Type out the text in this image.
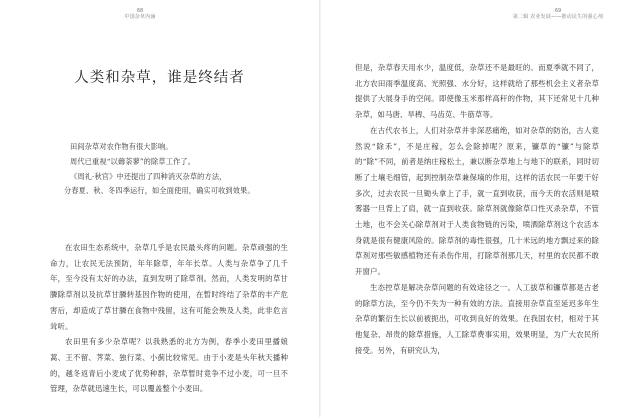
68
中国杂草内涵
人类和杂草，谁是终结者
田间杂草对农作物有很大影响。
周代已重视“以薅荼蓼”的除草工作了。
《周礼·秋官》中还提出了四种消灭杂草的方法，
分春夏、秋、冬四季运行，如全面使用，确实可收到效果。

在农田生态系统中，杂草几乎是农民最头疼的问题。杂草顽强的生命力，让农民无法预防，年年除草，年年长草。人类与杂草争了几千年，至今没有太好的办法，直到发明了除草剂。然而，人类发明的草甘膦除草剂以及抗草甘膦转基因作物的使用，在暂时终结了杂草的丰产危害后，却造成了草甘膦在食物中残留，这有可能会殃及人类，此非危言耸听。

农田里有多少杂草呢？以我熟悉的北方为例，春季小麦田里播娘蒿、王不留、荠菜、独行菜、小蓟比较常见。由于小麦是头年秋天播种的，越冬返青后小麦成了优势种群，杂草暂时竟争不过小麦，可一旦不管理，杂草就迅速生长，可以覆盖整个小麦田。

69
第二辑 农业发展——推动民生的强心剂

但是，杂草春天用水少，温度低，杂草还不是最旺的。而夏季就不同了，北方农田雨季温度高、光照强、水分好，这样就给了那些机会主义者杂草提供了大展身手的空间。即使像玉米那样高秆的作物，其下还常见十几种杂草，如马唐、旱稗、马齿苋、牛筋草等。

在古代农书上，人们对杂草并非深恶痛绝，如对杂草的防治，古人竟然说“除禾”，不是庄稼，怎么会除掉呢？原来，镰草的“镰”与除草的“除”不同，前者是纳庄稼松土，兼以断杂草地上与地下的联系，同时切断了土壤毛细管，起到控制杂草兼保墒的作用，这样的活农民一年要干好多次，过去农民一旦锄头拿上了手，就一直到收获，而今天的农活则是喷雾器一旦背上了肩，就一直到收获。除草剂就像除草口性灭杀杂草，不管土地，也不会关心除草剂对于人类食物链的污染，喷洒除草剂这个农活本身就是很有健康风险的。除草剂的毒性很强，几十米远的地方飘过来的除草剂对那些敏感植物还有杀伤作用，打除草剂那几天，村里的农民都不敢开窗户。

生态控草是解决杂草问题的有效途径之一。人工拔草和镰草都是古老的除草方法，至今仍不失为一种有效的方法。直接用杂草直至延迟多年生杂草的繁衍生长以前被扼出，可收到良好的效果。在我国农村，相对于其他复杂、昂贵的除草措施，人工除草费事实用，效果明显，为广大农民所接受。另外，有研究认为，
